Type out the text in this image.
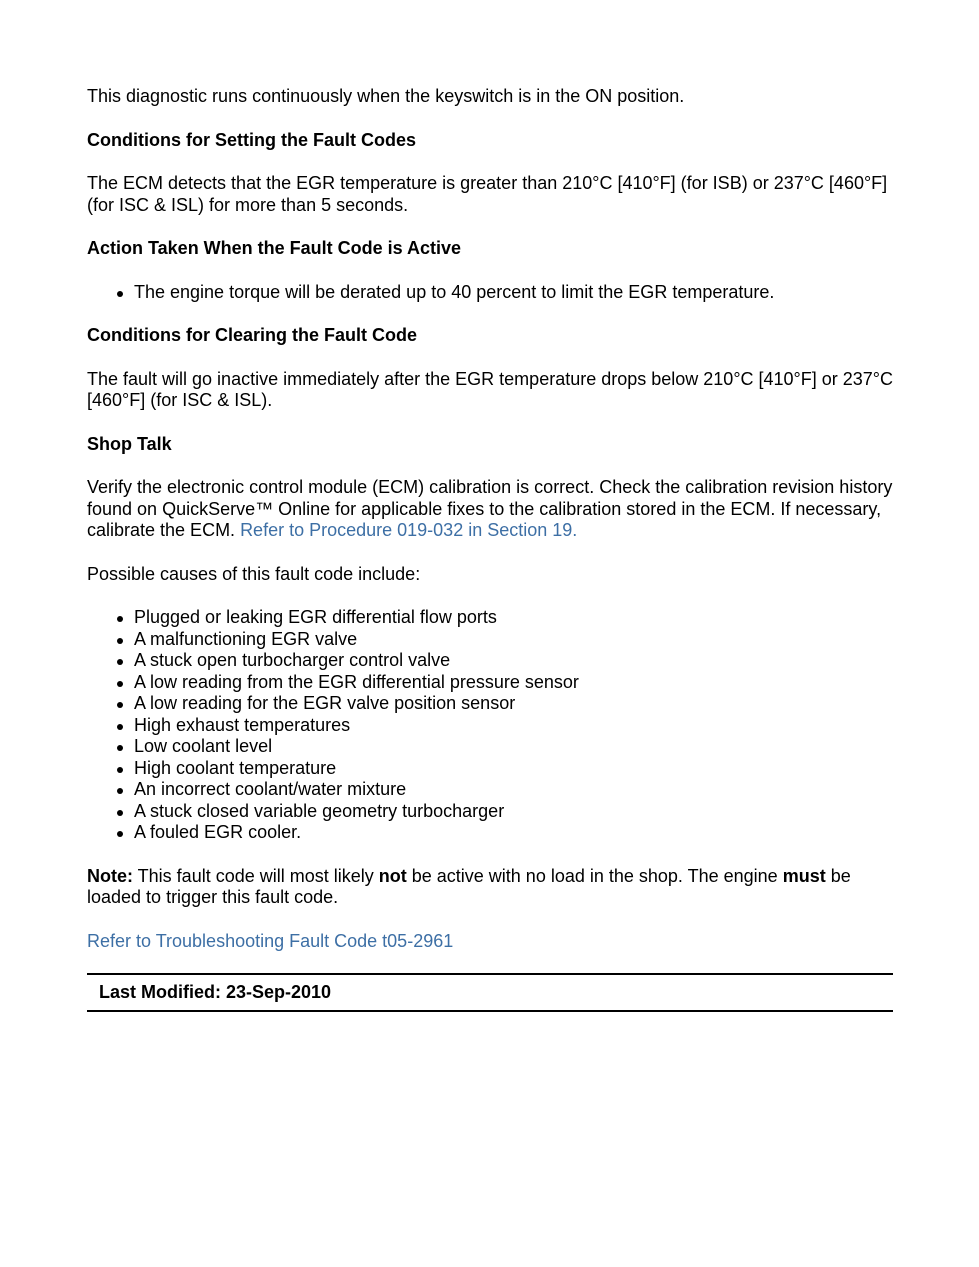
This diagnostic runs continuously when the keyswitch is in the ON position.

Conditions for Setting the Fault Codes

The ECM detects that the EGR temperature is greater than 210°C [410°F] (for ISB) or 237°C [460°F] (for ISC & ISL) for more than 5 seconds.

Action Taken When the Fault Code is Active
The engine torque will be derated up to 40 percent to limit the EGR temperature.
Conditions for Clearing the Fault Code

The fault will go inactive immediately after the EGR temperature drops below 210°C [410°F] or 237°C [460°F] (for ISC & ISL).

Shop Talk

Verify the electronic control module (ECM) calibration is correct. Check the calibration revision history found on QuickServe™ Online for applicable fixes to the calibration stored in the ECM. If necessary, calibrate the ECM. Refer to Procedure 019-032 in Section 19.

Possible causes of this fault code include:

Plugged or leaking EGR differential flow ports
A malfunctioning EGR valve
A stuck open turbocharger control valve
A low reading from the EGR differential pressure sensor
A low reading for the EGR valve position sensor
High exhaust temperatures
Low coolant level
High coolant temperature
An incorrect coolant/water mixture
A stuck closed variable geometry turbocharger
A fouled EGR cooler.

Note: This fault code will most likely not be active with no load in the shop. The engine must be loaded to trigger this fault code.

Refer to Troubleshooting Fault Code t05-2961

Last Modified: 23-Sep-2010
